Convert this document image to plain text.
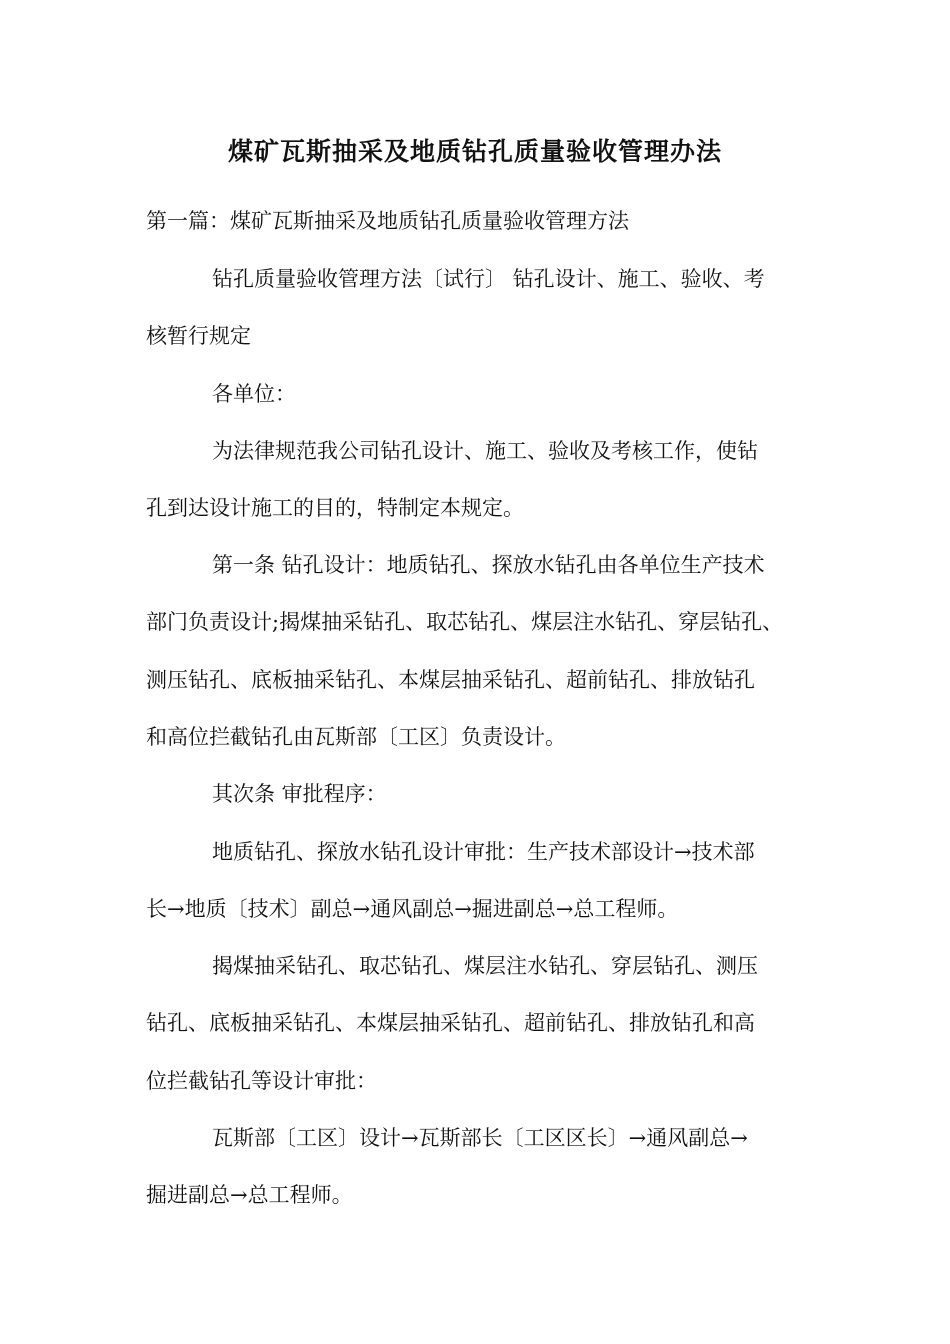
煤矿瓦斯抽采及地质钻孔质量验收管理办法
第一篇：煤矿瓦斯抽采及地质钻孔质量验收管理方法
钻孔质量验收管理方法〔试行〕 钻孔设计、施工、验收、考
核暂行规定
各单位：
为法律规范我公司钻孔设计、施工、验收及考核工作，使钻
孔到达设计施工的目的，特制定本规定。
第一条 钻孔设计：地质钻孔、探放水钻孔由各单位生产技术
部门负责设计;揭煤抽采钻孔、取芯钻孔、煤层注水钻孔、穿层钻孔、
测压钻孔、底板抽采钻孔、本煤层抽采钻孔、超前钻孔、排放钻孔
和高位拦截钻孔由瓦斯部〔工区〕负责设计。
其次条 审批程序：
地质钻孔、探放水钻孔设计审批：生产技术部设计→技术部
长→地质〔技术〕副总→通风副总→掘进副总→总工程师。
揭煤抽采钻孔、取芯钻孔、煤层注水钻孔、穿层钻孔、测压
钻孔、底板抽采钻孔、本煤层抽采钻孔、超前钻孔、排放钻孔和高
位拦截钻孔等设计审批：
瓦斯部〔工区〕设计→瓦斯部长〔工区区长〕→通风副总→
掘进副总→总工程师。
